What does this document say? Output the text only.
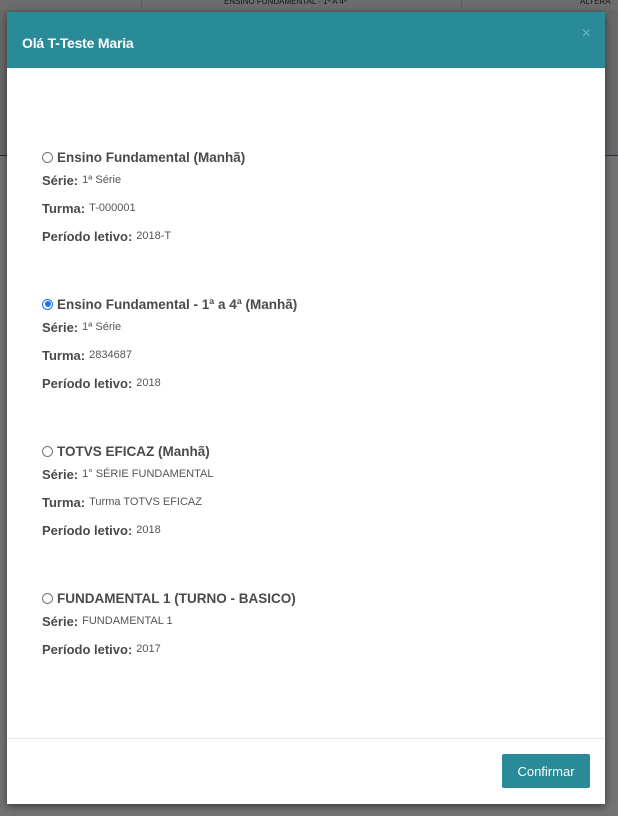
Olá T-Teste Maria
×
Ensino Fundamental (Manhã)
Série: 1ª Série
Turma: T-000001
Período letivo: 2018-T
Ensino Fundamental - 1ª a 4ª (Manhã)
Série: 1ª Série
Turma: 2834687
Período letivo: 2018
TOTVS EFICAZ (Manhã)
Série: 1° SÉRIE FUNDAMENTAL
Turma: Turma TOTVS EFICAZ
Período letivo: 2018
FUNDAMENTAL 1 (TURNO - BASICO)
Série: FUNDAMENTAL 1
Período letivo: 2017
Confirmar
